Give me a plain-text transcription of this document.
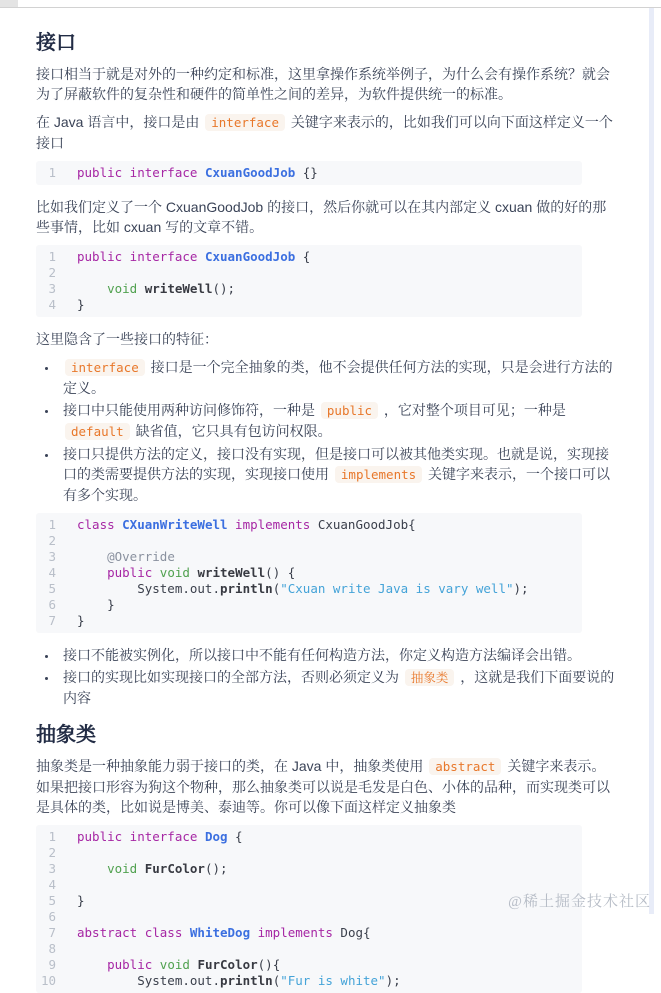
接口

接口相当于就是对外的一种约定和标准，这里拿操作系统举例子，为什么会有操作系统？就会为了屏蔽软件的复杂性和硬件的简单性之间的差异，为软件提供统一的标准。

在 Java 语言中，接口是由 interface 关键字来表示的，比如我们可以向下面这样定义一个接口

1 public interface CxuanGoodJob {}

比如我们定义了一个 CxuanGoodJob 的接口，然后你就可以在其内部定义 cxuan 做的好的那些事情，比如 cxuan 写的文章不错。

1 public interface CxuanGoodJob {
2
3	void writeWell();
4 }

这里隐含了一些接口的特征：

• interface 接口是一个完全抽象的类，他不会提供任何方法的实现，只是会进行方法的定义。
• 接口中只能使用两种访问修饰符，一种是 public ，它对整个项目可见；一种是 default 缺省值，它只具有包访问权限。
• 接口只提供方法的定义，接口没有实现，但是接口可以被其他类实现。也就是说，实现接口的类需要提供方法的实现，实现接口使用 implements 关键字来表示，一个接口可以有多个实现。
1 class CXuanWriteWell implements CxuanGoodJob{
2
3	@Override
4	public void writeWell() {
5        System.out.println("Cxuan write Java is vary well");
6    }
7 }
• 接口不能被实例化，所以接口中不能有任何构造方法，你定义构造方法编译会出错。
• 接口的实现比如实现接口的全部方法，否则必须定义为 抽象类 ，这就是我们下面要说的内容
抽象类

抽象类是一种抽象能力弱于接口的类，在 Java 中，抽象类使用 abstract 关键字来表示。如果把接口形容为狗这个物种，那么抽象类可以说是毛发是白色、小体的品种，而实现类可以是具体的类，比如说是博美、泰迪等。你可以像下面这样定义抽象类

1 public interface Dog {
2
3	void FurColor();
4
5 }
6
7 abstract class WhiteDog implements Dog{
8
9	public void FurColor(){
10        System.out.println("Fur is white");
@稀土掘金技术社区
